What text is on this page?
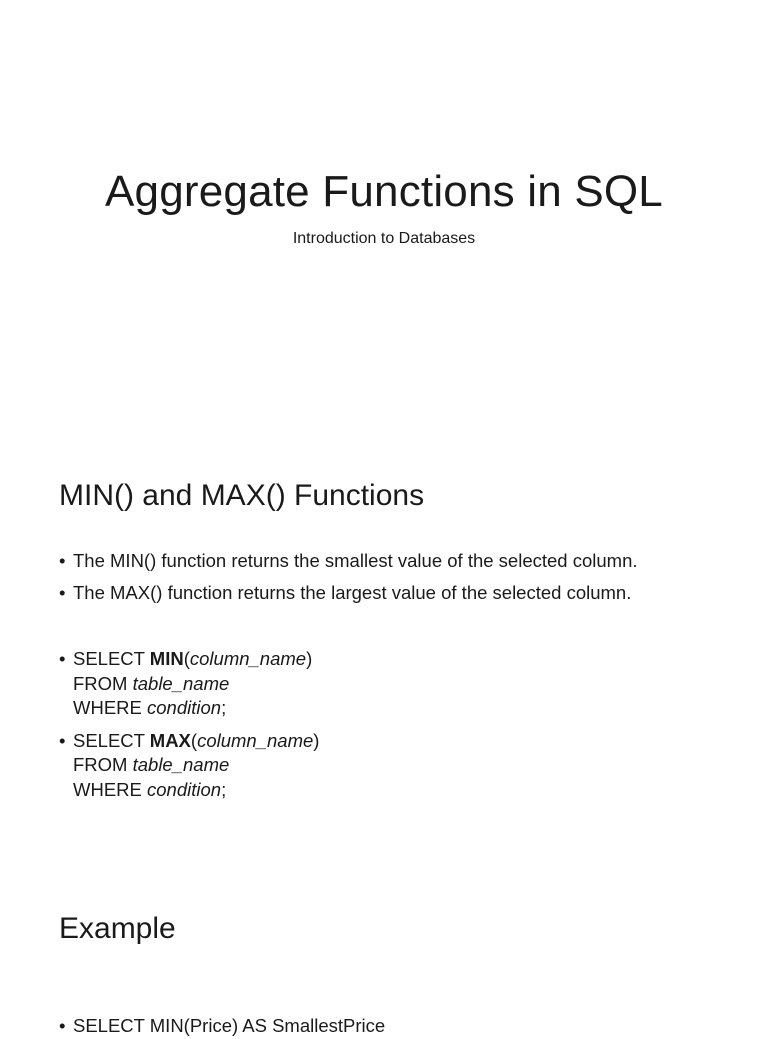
Aggregate Functions in SQL
Introduction to Databases
MIN() and MAX() Functions
• The MIN() function returns the smallest value of the selected column.
• The MAX() function returns the largest value of the selected column.
• SELECT MIN(column_name)
FROM table_name
WHERE condition;
• SELECT MAX(column_name)
FROM table_name
WHERE condition;
Example
• SELECT MIN(Price) AS SmallestPrice
